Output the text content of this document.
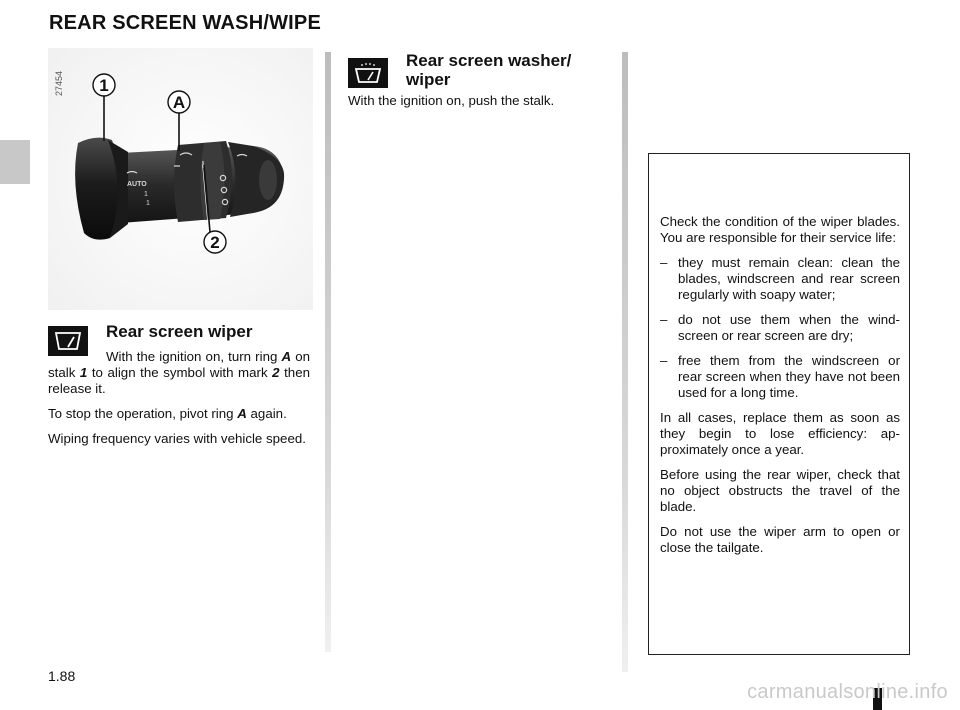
REAR SCREEN WASH/WIPE
AUTO
1
1
1
A
2
27454
Rear screen wiper

With the ignition on, turn ring A on stalk 1 to align the symbol with mark 2 then release it.

To stop the operation, pivot ring A again.

Wiping frequency varies with vehicle speed.

Rear screen washer/
wiper
With the ignition on, push the stalk.

Check the condition of the wiper blades. You are responsible for their service life:

– they must remain clean: clean the blades, windscreen and rear screen regularly with soapy water;
– do not use them when the wind-screen or rear screen are dry;
– free them from the windscreen or rear screen when they have not been used for a long time.

In all cases, replace them as soon as they begin to lose efficiency: ap-proximately once a year.

Before using the rear wiper, check that no object obstructs the travel of the blade.

Do not use the wiper arm to open or close the tailgate.

1.88
carmanualsonline.info
